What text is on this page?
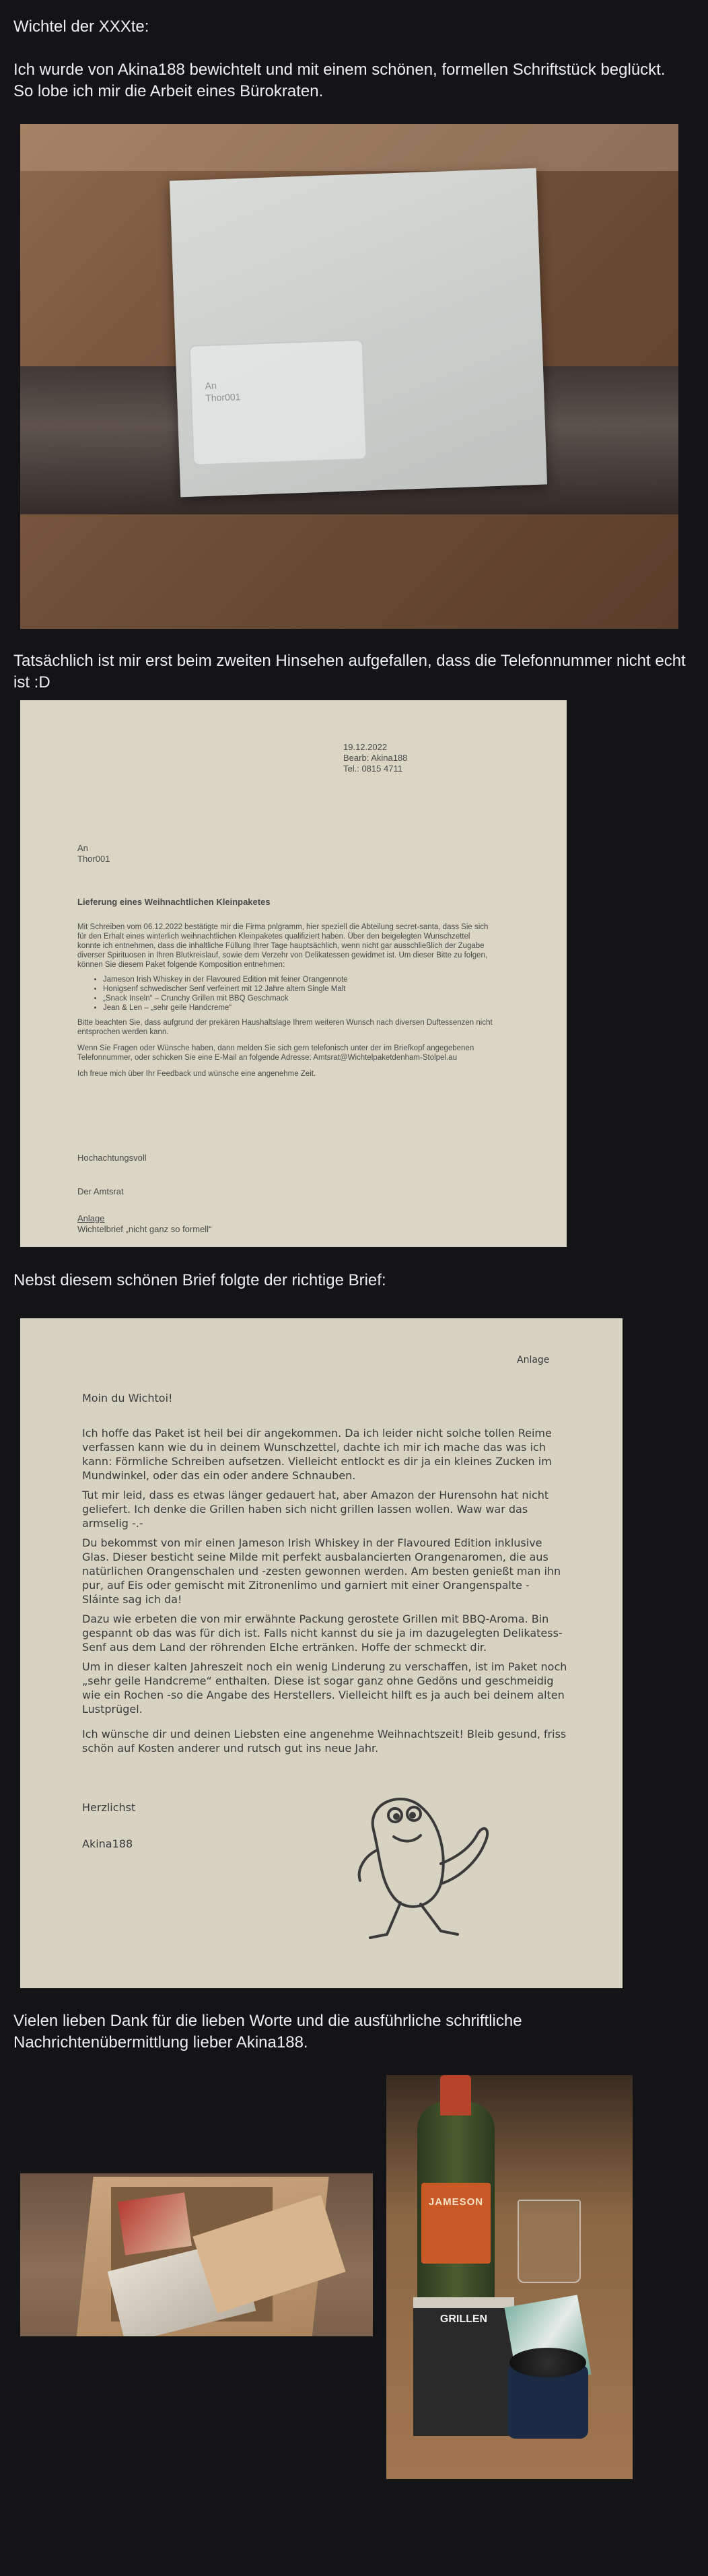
Wichtel der XXXte:

Ich wurde von Akina188 bewichtelt und mit einem schönen, formellen Schriftstück beglückt. So lobe ich mir die Arbeit eines Bürokraten.

An
Thor001

Tatsächlich ist mir erst beim zweiten Hinsehen aufgefallen, dass die Telefonnummer nicht echt ist :D

19.12.2022

Bearb: Akina188

Tel.: 0815 4711

An

Thor001

Lieferung eines Weihnachtlichen Kleinpaketes

Mit Schreiben vom 06.12.2022 bestätigte mir die Firma pnlgramm, hier speziell die Abteilung secret-santa, dass Sie sich für den Erhalt eines winterlich weihnachtlichen Kleinpaketes qualifiziert haben. Über den beigelegten Wunschzettel konnte ich entnehmen, dass die inhaltliche Füllung Ihrer Tage hauptsächlich, wenn nicht gar ausschließlich der Zugabe diverser Spirituosen in Ihren Blutkreislauf, sowie dem Verzehr von Delikatessen gewidmet ist. Um dieser Bitte zu folgen, können Sie diesem Paket folgende Komposition entnehmen:

• Jameson Irish Whiskey in der Flavoured Edition mit feiner Orangennote
• Honigsenf schwedischer Senf verfeinert mit 12 Jahre altem Single Malt
• „Snack Inseln“ – Crunchy Grillen mit BBQ Geschmack
• Jean & Len – „sehr geile Handcreme“

Bitte beachten Sie, dass aufgrund der prekären Haushaltslage Ihrem weiteren Wunsch nach diversen Duftessenzen nicht entsprochen werden kann.

Wenn Sie Fragen oder Wünsche haben, dann melden Sie sich gern telefonisch unter der im Briefkopf angegebenen Telefonnummer, oder schicken Sie eine E-Mail an folgende Adresse: Amtsrat@Wichtelpaketdenham-Stolpel.au

Ich freue mich über Ihr Feedback und wünsche eine angenehme Zeit.

Hochachtungsvoll
Der Amtsrat

Anlage

Wichtelbrief „nicht ganz so formell“

Nebst diesem schönen Brief folgte der richtige Brief:

Anlage
Moin du Wichtoi!

Ich hoffe das Paket ist heil bei dir angekommen. Da ich leider nicht solche tollen Reime verfassen kann wie du in deinem Wunschzettel, dachte ich mir ich mache das was ich kann: Förmliche Schreiben aufsetzen. Vielleicht entlockt es dir ja ein kleines Zucken im Mundwinkel, oder das ein oder andere Schnauben.

Tut mir leid, dass es etwas länger gedauert hat, aber Amazon der Hurensohn hat nicht geliefert. Ich denke die Grillen haben sich nicht grillen lassen wollen. Waw war das armselig -.-

Du bekommst von mir einen Jameson Irish Whiskey in der Flavoured Edition inklusive Glas. Dieser besticht seine Milde mit perfekt ausbalancierten Orangenaromen, die aus natürlichen Orangenschalen und -zesten gewonnen werden. Am besten genießt man ihn pur, auf Eis oder gemischt mit Zitronenlimo und garniert mit einer Orangenspalte - Sláinte sag ich da!

Dazu wie erbeten die von mir erwähnte Packung gerostete Grillen mit BBQ-Aroma. Bin gespannt ob das was für dich ist. Falls nicht kannst du sie ja im dazugelegten Delikatess-Senf aus dem Land der röhrenden Elche ertränken. Hoffe der schmeckt dir.

Um in dieser kalten Jahreszeit noch ein wenig Linderung zu verschaffen, ist im Paket noch „sehr geile Handcreme“ enthalten. Diese ist sogar ganz ohne Gedöns und geschmeidig wie ein Rochen -so die Angabe des Herstellers. Vielleicht hilft es ja auch bei deinem alten Lustprügel.

Ich wünsche dir und deinen Liebsten eine angenehme Weihnachtszeit! Bleib gesund, friss schön auf Kosten anderer und rutsch gut ins neue Jahr.

Herzlichst
Akina188

Vielen lieben Dank für die lieben Worte und die ausführliche schriftliche Nachrichtenübermittlung lieber Akina188.

JAMESON
GRILLEN
